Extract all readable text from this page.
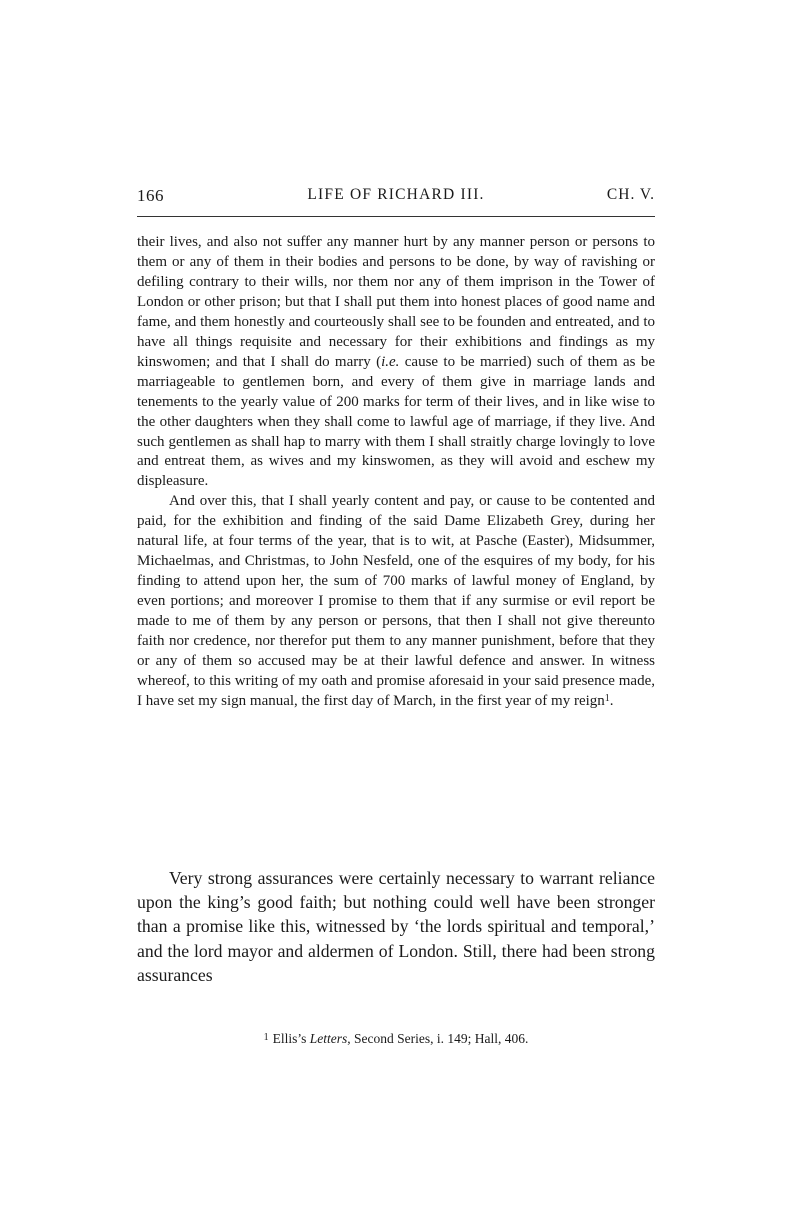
166	LIFE OF RICHARD III.	CH. V.

their lives, and also not suffer any manner hurt by any manner person or persons to them or any of them in their bodies and persons to be done, by way of ravishing or defiling contrary to their wills, nor them nor any of them imprison in the Tower of London or other prison; but that I shall put them into honest places of good name and fame, and them honestly and courteously shall see to be founden and entreated, and to have all things requisite and necessary for their exhibitions and findings as my kinswomen; and that I shall do marry (i.e. cause to be married) such of them as be marriageable to gentlemen born, and every of them give in marriage lands and tenements to the yearly value of 200 marks for term of their lives, and in like wise to the other daughters when they shall come to lawful age of marriage, if they live. And such gentlemen as shall hap to marry with them I shall straitly charge lovingly to love and entreat them, as wives and my kinswomen, as they will avoid and eschew my displeasure.

And over this, that I shall yearly content and pay, or cause to be contented and paid, for the exhibition and finding of the said Dame Elizabeth Grey, during her natural life, at four terms of the year, that is to wit, at Pasche (Easter), Midsummer, Michaelmas, and Christmas, to John Nesfeld, one of the esquires of my body, for his finding to attend upon her, the sum of 700 marks of lawful money of England, by even portions; and moreover I promise to them that if any surmise or evil report be made to me of them by any person or persons, that then I shall not give thereunto faith nor credence, nor therefor put them to any manner punishment, before that they or any of them so accused may be at their lawful defence and answer. In witness whereof, to this writing of my oath and promise aforesaid in your said presence made, I have set my sign manual, the first day of March, in the first year of my reign$^1$.

Very strong assurances were certainly necessary to warrant reliance upon the king’s good faith; but nothing could well have been stronger than a promise like this, witnessed by ‘the lords spiritual and temporal,’ and the lord mayor and aldermen of London. Still, there had been strong assurances

$^1$ Ellis’s Letters, Second Series, i. 149; Hall, 406.
